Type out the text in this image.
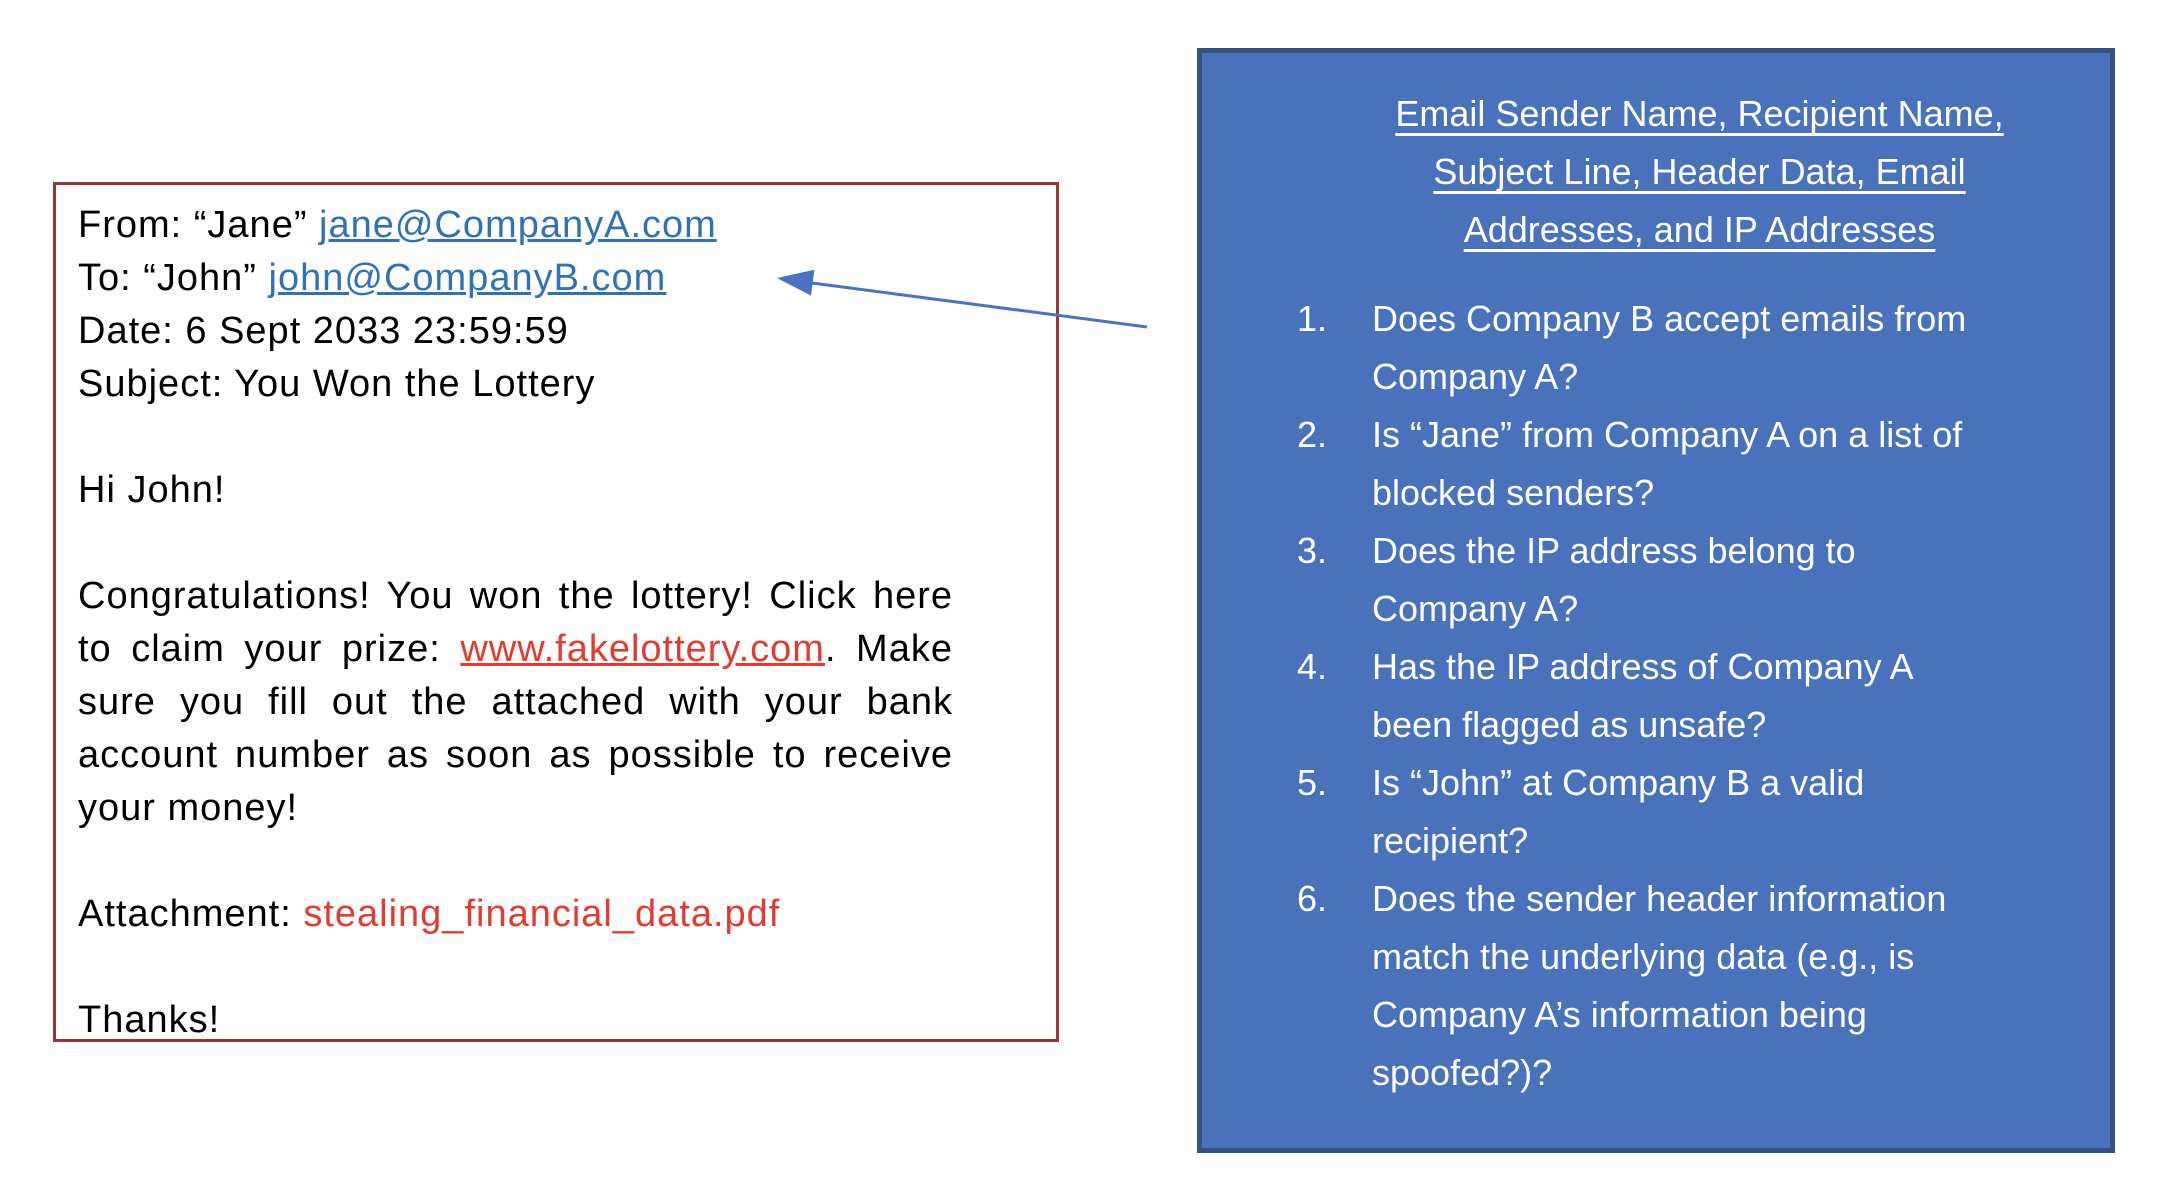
From: “Jane” jane@CompanyA.com
To: “John” john@CompanyB.com
Date: 6 Sept 2033 23:59:59
Subject: You Won the Lottery

Hi John!

Congratulations! You won the lottery! Click here to claim your prize: www.fakelottery.com. Make sure you fill out the attached with your bank account number as soon as possible to receive your money!

Attachment: stealing_financial_data.pdf

Thanks!

Email Sender Name, Recipient Name,
Subject Line, Header Data, Email
Addresses, and IP Addresses
1.	Does Company B accept emails from Company A?
2.	Is “Jane” from Company A on a list of blocked senders?
3.	Does the IP address belong to Company A?
4.	Has the IP address of Company A been flagged as unsafe?
5.	Is “John” at Company B a valid recipient?
6.	Does the sender header information match the underlying data (e.g., is Company A’s information being spoofed?)?
